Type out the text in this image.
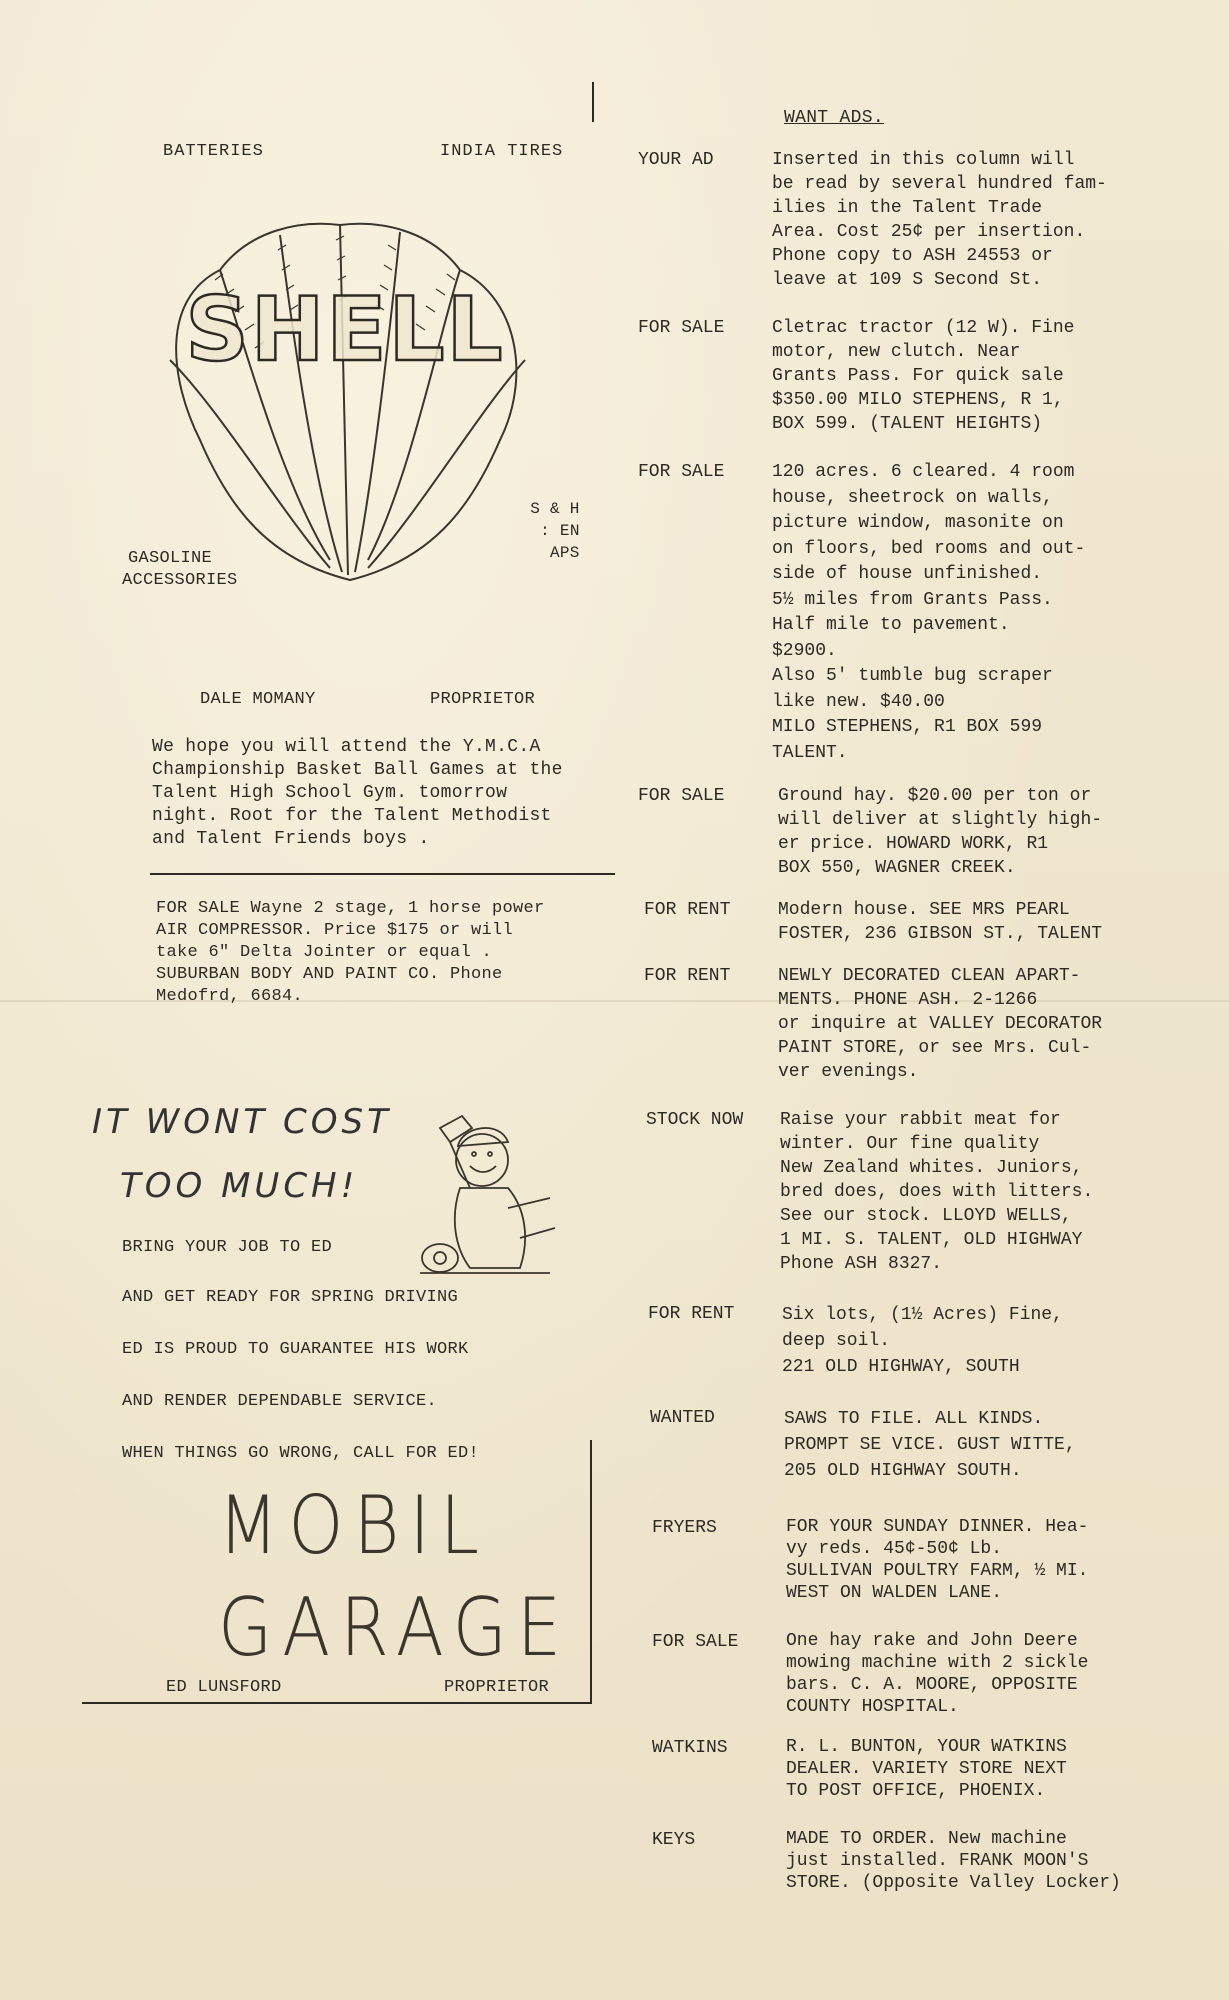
BATTERIES	INDIA TIRES
SHELL
GASOLINE
ACCESSORIES
S & H
: EN
APS
DALE MOMANY	PROPRIETOR
We hope you will attend the Y.M.C.A
Championship Basket Ball Games at the
Talent High School Gym. tomorrow
night. Root for the Talent Methodist
and Talent Friends boys .
FOR SALE Wayne 2 stage, 1 horse power
AIR COMPRESSOR. Price $175 or will
take 6" Delta Jointer or equal .
SUBURBAN BODY AND PAINT CO. Phone
Medofrd, 6684.
IT WONT COST
TOO MUCH!
BRING YOUR JOB TO ED
AND GET READY FOR SPRING DRIVING
ED IS PROUD TO GUARANTEE HIS WORK
AND RENDER DEPENDABLE SERVICE.
WHEN THINGS GO WRONG, CALL FOR ED!
MOBIL
GARAGE
ED LUNSFORD	PROPRIETOR
WANT ADS.
YOUR AD	Inserted in this column will
be read by several hundred fam-
ilies in the Talent Trade
Area. Cost 25¢ per insertion.
Phone copy to ASH 24553 or
leave at 109 S Second St.
FOR SALE	Cletrac tractor (12 W). Fine
motor, new clutch. Near
Grants Pass. For quick sale
$350.00 MILO STEPHENS, R 1,
BOX 599. (TALENT HEIGHTS)
FOR SALE	120 acres. 6 cleared. 4 room
house, sheetrock on walls,
picture window, masonite on
on floors, bed rooms and out-
side of house unfinished.
5½ miles from Grants Pass.
Half mile to pavement.
$2900.
Also 5' tumble bug scraper
like new. $40.00
MILO STEPHENS, R1 BOX 599
TALENT.
FOR SALE	Ground hay. $20.00 per ton or
will deliver at slightly high-
er price. HOWARD WORK, R1
BOX 550, WAGNER CREEK.
FOR RENT	Modern house. SEE MRS PEARL
FOSTER, 236 GIBSON ST., TALENT
FOR RENT	NEWLY DECORATED CLEAN APART-
MENTS. PHONE ASH. 2-1266
or inquire at VALLEY DECORATOR
PAINT STORE, or see Mrs. Cul-
ver evenings.
STOCK NOW Raise your rabbit meat for
winter. Our fine quality
New Zealand whites. Juniors,
bred does, does with litters.
See our stock. LLOYD WELLS,
1 MI. S. TALENT, OLD HIGHWAY
Phone ASH 8327.
FOR RENT	Six lots, (1½ Acres) Fine,
deep soil.
221 OLD HIGHWAY, SOUTH
WANTED	SAWS TO FILE. ALL KINDS.
PROMPT SE VICE. GUST WITTE,
205 OLD HIGHWAY SOUTH.
FRYERS	FOR YOUR SUNDAY DINNER. Hea-
vy reds. 45¢-50¢ Lb.
SULLIVAN POULTRY FARM, ½ MI.
WEST ON WALDEN LANE.
FOR SALE	One hay rake and John Deere
mowing machine with 2 sickle
bars. C. A. MOORE, OPPOSITE
COUNTY HOSPITAL.
WATKINS	R. L. BUNTON, YOUR WATKINS
DEALER. VARIETY STORE NEXT
TO POST OFFICE, PHOENIX.
KEYS	MADE TO ORDER. New machine
just installed. FRANK MOON'S
STORE. (Opposite Valley Locker)
